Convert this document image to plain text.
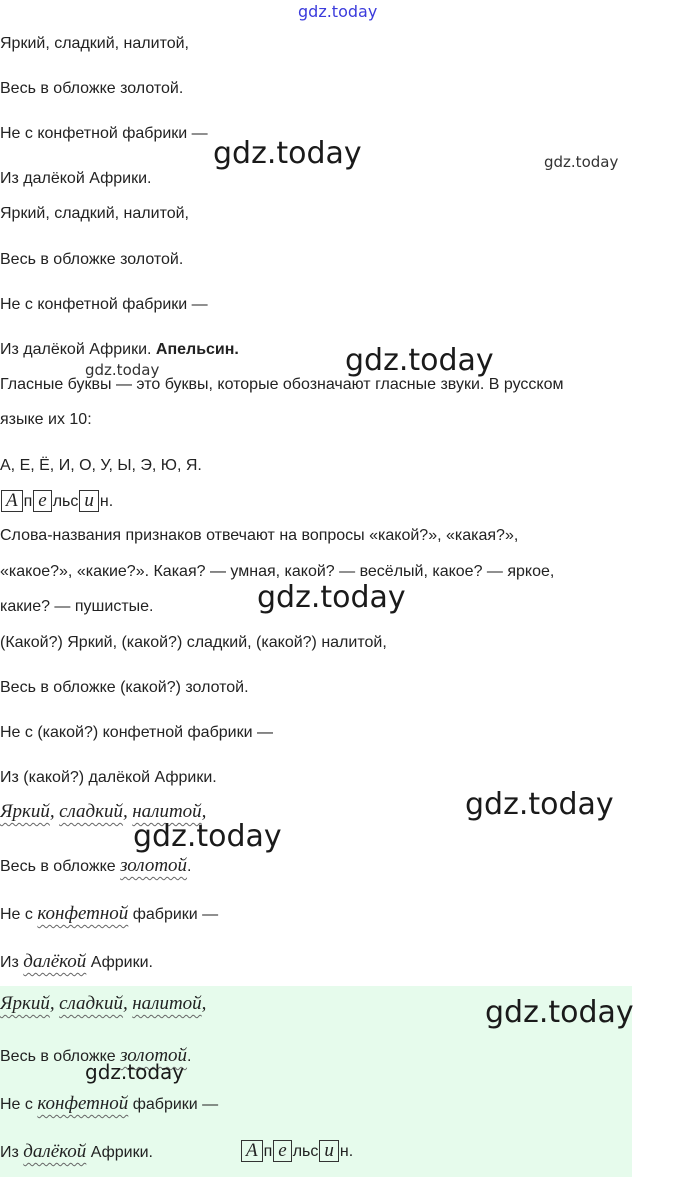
Яркий, сладкий, налитой,
Весь в обложке золотой.
Не с конфетной фабрики —
Из далёкой Африки.
Яркий, сладкий, налитой,
Весь в обложке золотой.
Не с конфетной фабрики —
Из далёкой Африки. Апельсин.
Гласные буквы — это буквы, которые обозначают гласные звуки. В русском
языке их 10:
А, Е, Ё, И, О, У, Ы, Э, Ю, Я.
А п е льс и н.
Слова-названия признаков отвечают на вопросы «какой?», «какая?»,
«какое?», «какие?». Какая? — умная, какой? — весёлый, какое? — яркое,
какие? — пушистые.
(Какой?) Яркий, (какой?) сладкий, (какой?) налитой,
Весь в обложке (какой?) золотой.
Не с (какой?) конфетной фабрики —
Из (какой?) далёкой Африки.
Яркий, сладкий, налитой,
Весь в обложке золотой.
Не с конфетной фабрики —
Из далёкой Африки.
Яркий, сладкий, налитой,
Весь в обложке золотой.
Не с конфетной фабрики —
Из далёкой Африки.	А п е льс и н.
gdz.today
gdz.today	gdz.today
gdz.today	gdz.today
gdz.today
gdz.today
gdz.today
gdz.today
gdz.today
